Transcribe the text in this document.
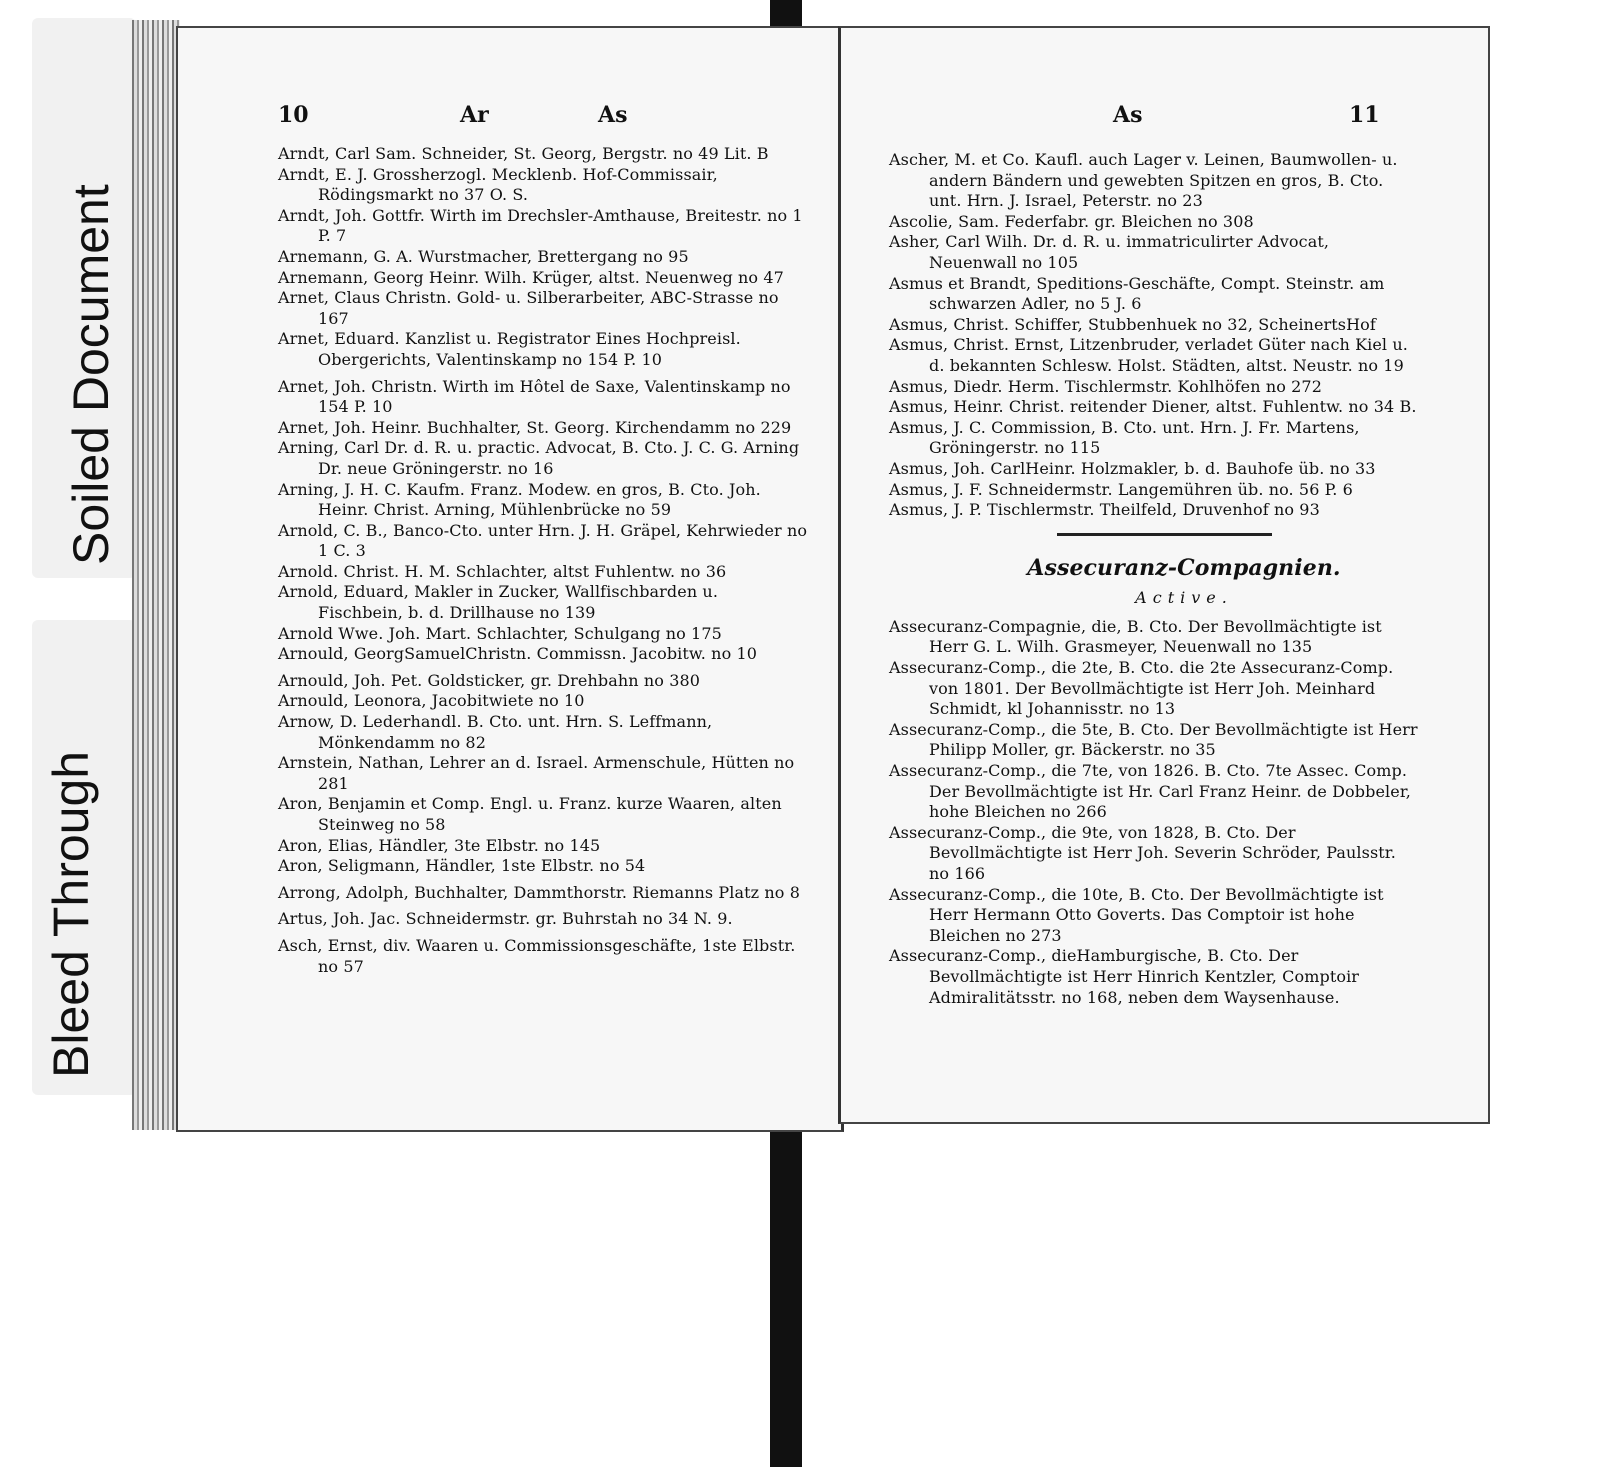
Soiled Document
Bleed Through
10	Ar	As

Arndt, Carl Sam. Schneider, St. Georg, Bergstr. no 49 Lit. B

Arndt, E. J. Grossherzogl. Mecklenb. Hof-Commissair, Rödingsmarkt no 37 O. S.

Arndt, Joh. Gottfr. Wirth im Drechsler-Amthause, Breitestr. no 1 P. 7

Arnemann, G. A. Wurstmacher, Brettergang no 95

Arnemann, Georg Heinr. Wilh. Krüger, altst. Neuenweg no 47

Arnet, Claus Christn. Gold- u. Silberarbeiter, ABC-Strasse no 167

Arnet, Eduard. Kanzlist u. Registrator Eines Hochpreisl. Obergerichts, Valentinskamp no 154 P. 10

Arnet, Joh. Christn. Wirth im Hôtel de Saxe, Valentinskamp no 154 P. 10

Arnet, Joh. Heinr. Buchhalter, St. Georg. Kirchendamm no 229

Arning, Carl Dr. d. R. u. practic. Advocat, B. Cto. J. C. G. Arning Dr. neue Gröningerstr. no 16

Arning, J. H. C. Kaufm. Franz. Modew. en gros, B. Cto. Joh. Heinr. Christ. Arning, Mühlenbrücke no 59

Arnold, C. B., Banco-Cto. unter Hrn. J. H. Gräpel, Kehrwieder no 1 C. 3

Arnold. Christ. H. M. Schlachter, altst Fuhlentw. no 36

Arnold, Eduard, Makler in Zucker, Wallfischbarden u. Fischbein, b. d. Drillhause no 139

Arnold Wwe. Joh. Mart. Schlachter, Schulgang no 175

Arnould, GeorgSamuelChristn. Commissn. Jacobitw. no 10

Arnould, Joh. Pet. Goldsticker, gr. Drehbahn no 380

Arnould, Leonora, Jacobitwiete no 10

Arnow, D. Lederhandl. B. Cto. unt. Hrn. S. Leffmann, Mönkendamm no 82

Arnstein, Nathan, Lehrer an d. Israel. Armenschule, Hütten no 281

Aron, Benjamin et Comp. Engl. u. Franz. kurze Waaren, alten Steinweg no 58

Aron, Elias, Händler, 3te Elbstr. no 145

Aron, Seligmann, Händler, 1ste Elbstr. no 54

Arrong, Adolph, Buchhalter, Dammthorstr. Riemanns Platz no 8

Artus, Joh. Jac. Schneidermstr. gr. Buhrstah no 34 N. 9.

Asch, Ernst, div. Waaren u. Commissionsgeschäfte, 1ste Elbstr. no 57

As	11

Ascher, M. et Co. Kaufl. auch Lager v. Leinen, Baumwollen- u. andern Bändern und gewebten Spitzen en gros, B. Cto. unt. Hrn. J. Israel, Peterstr. no 23

Ascolie, Sam. Federfabr. gr. Bleichen no 308

Asher, Carl Wilh. Dr. d. R. u. immatriculirter Advocat, Neuenwall no 105

Asmus et Brandt, Speditions-Geschäfte, Compt. Steinstr. am schwarzen Adler, no 5 J. 6

Asmus, Christ. Schiffer, Stubbenhuek no 32, ScheinertsHof

Asmus, Christ. Ernst, Litzenbruder, verladet Güter nach Kiel u. d. bekannten Schlesw. Holst. Städten, altst. Neustr. no 19

Asmus, Diedr. Herm. Tischlermstr. Kohlhöfen no 272

Asmus, Heinr. Christ. reitender Diener, altst. Fuhlentw. no 34 B.

Asmus, J. C. Commission, B. Cto. unt. Hrn. J. Fr. Martens, Gröningerstr. no 115

Asmus, Joh. CarlHeinr. Holzmakler, b. d. Bauhofe üb. no 33

Asmus, J. F. Schneidermstr. Langemühren üb. no. 56 P. 6

Asmus, J. P. Tischlermstr. Theilfeld, Druvenhof no 93

Assecuranz-Compagnien.
Active.

Assecuranz-Compagnie, die, B. Cto. Der Bevollmächtigte ist Herr G. L. Wilh. Grasmeyer, Neuenwall no 135

Assecuranz-Comp., die 2te, B. Cto. die 2te Assecuranz-Comp. von 1801. Der Bevollmächtigte ist Herr Joh. Meinhard Schmidt, kl Johannisstr. no 13

Assecuranz-Comp., die 5te, B. Cto. Der Bevollmächtigte ist Herr Philipp Moller, gr. Bäckerstr. no 35

Assecuranz-Comp., die 7te, von 1826. B. Cto. 7te Assec. Comp. Der Bevollmächtigte ist Hr. Carl Franz Heinr. de Dobbeler, hohe Bleichen no 266

Assecuranz-Comp., die 9te, von 1828, B. Cto. Der Bevollmächtigte ist Herr Joh. Severin Schröder, Paulsstr. no 166

Assecuranz-Comp., die 10te, B. Cto. Der Bevollmächtigte ist Herr Hermann Otto Goverts. Das Comptoir ist hohe Bleichen no 273

Assecuranz-Comp., dieHamburgische, B. Cto. Der Bevollmächtigte ist Herr Hinrich Kentzler, Comptoir Admiralitätsstr. no 168, neben dem Waysenhause.
